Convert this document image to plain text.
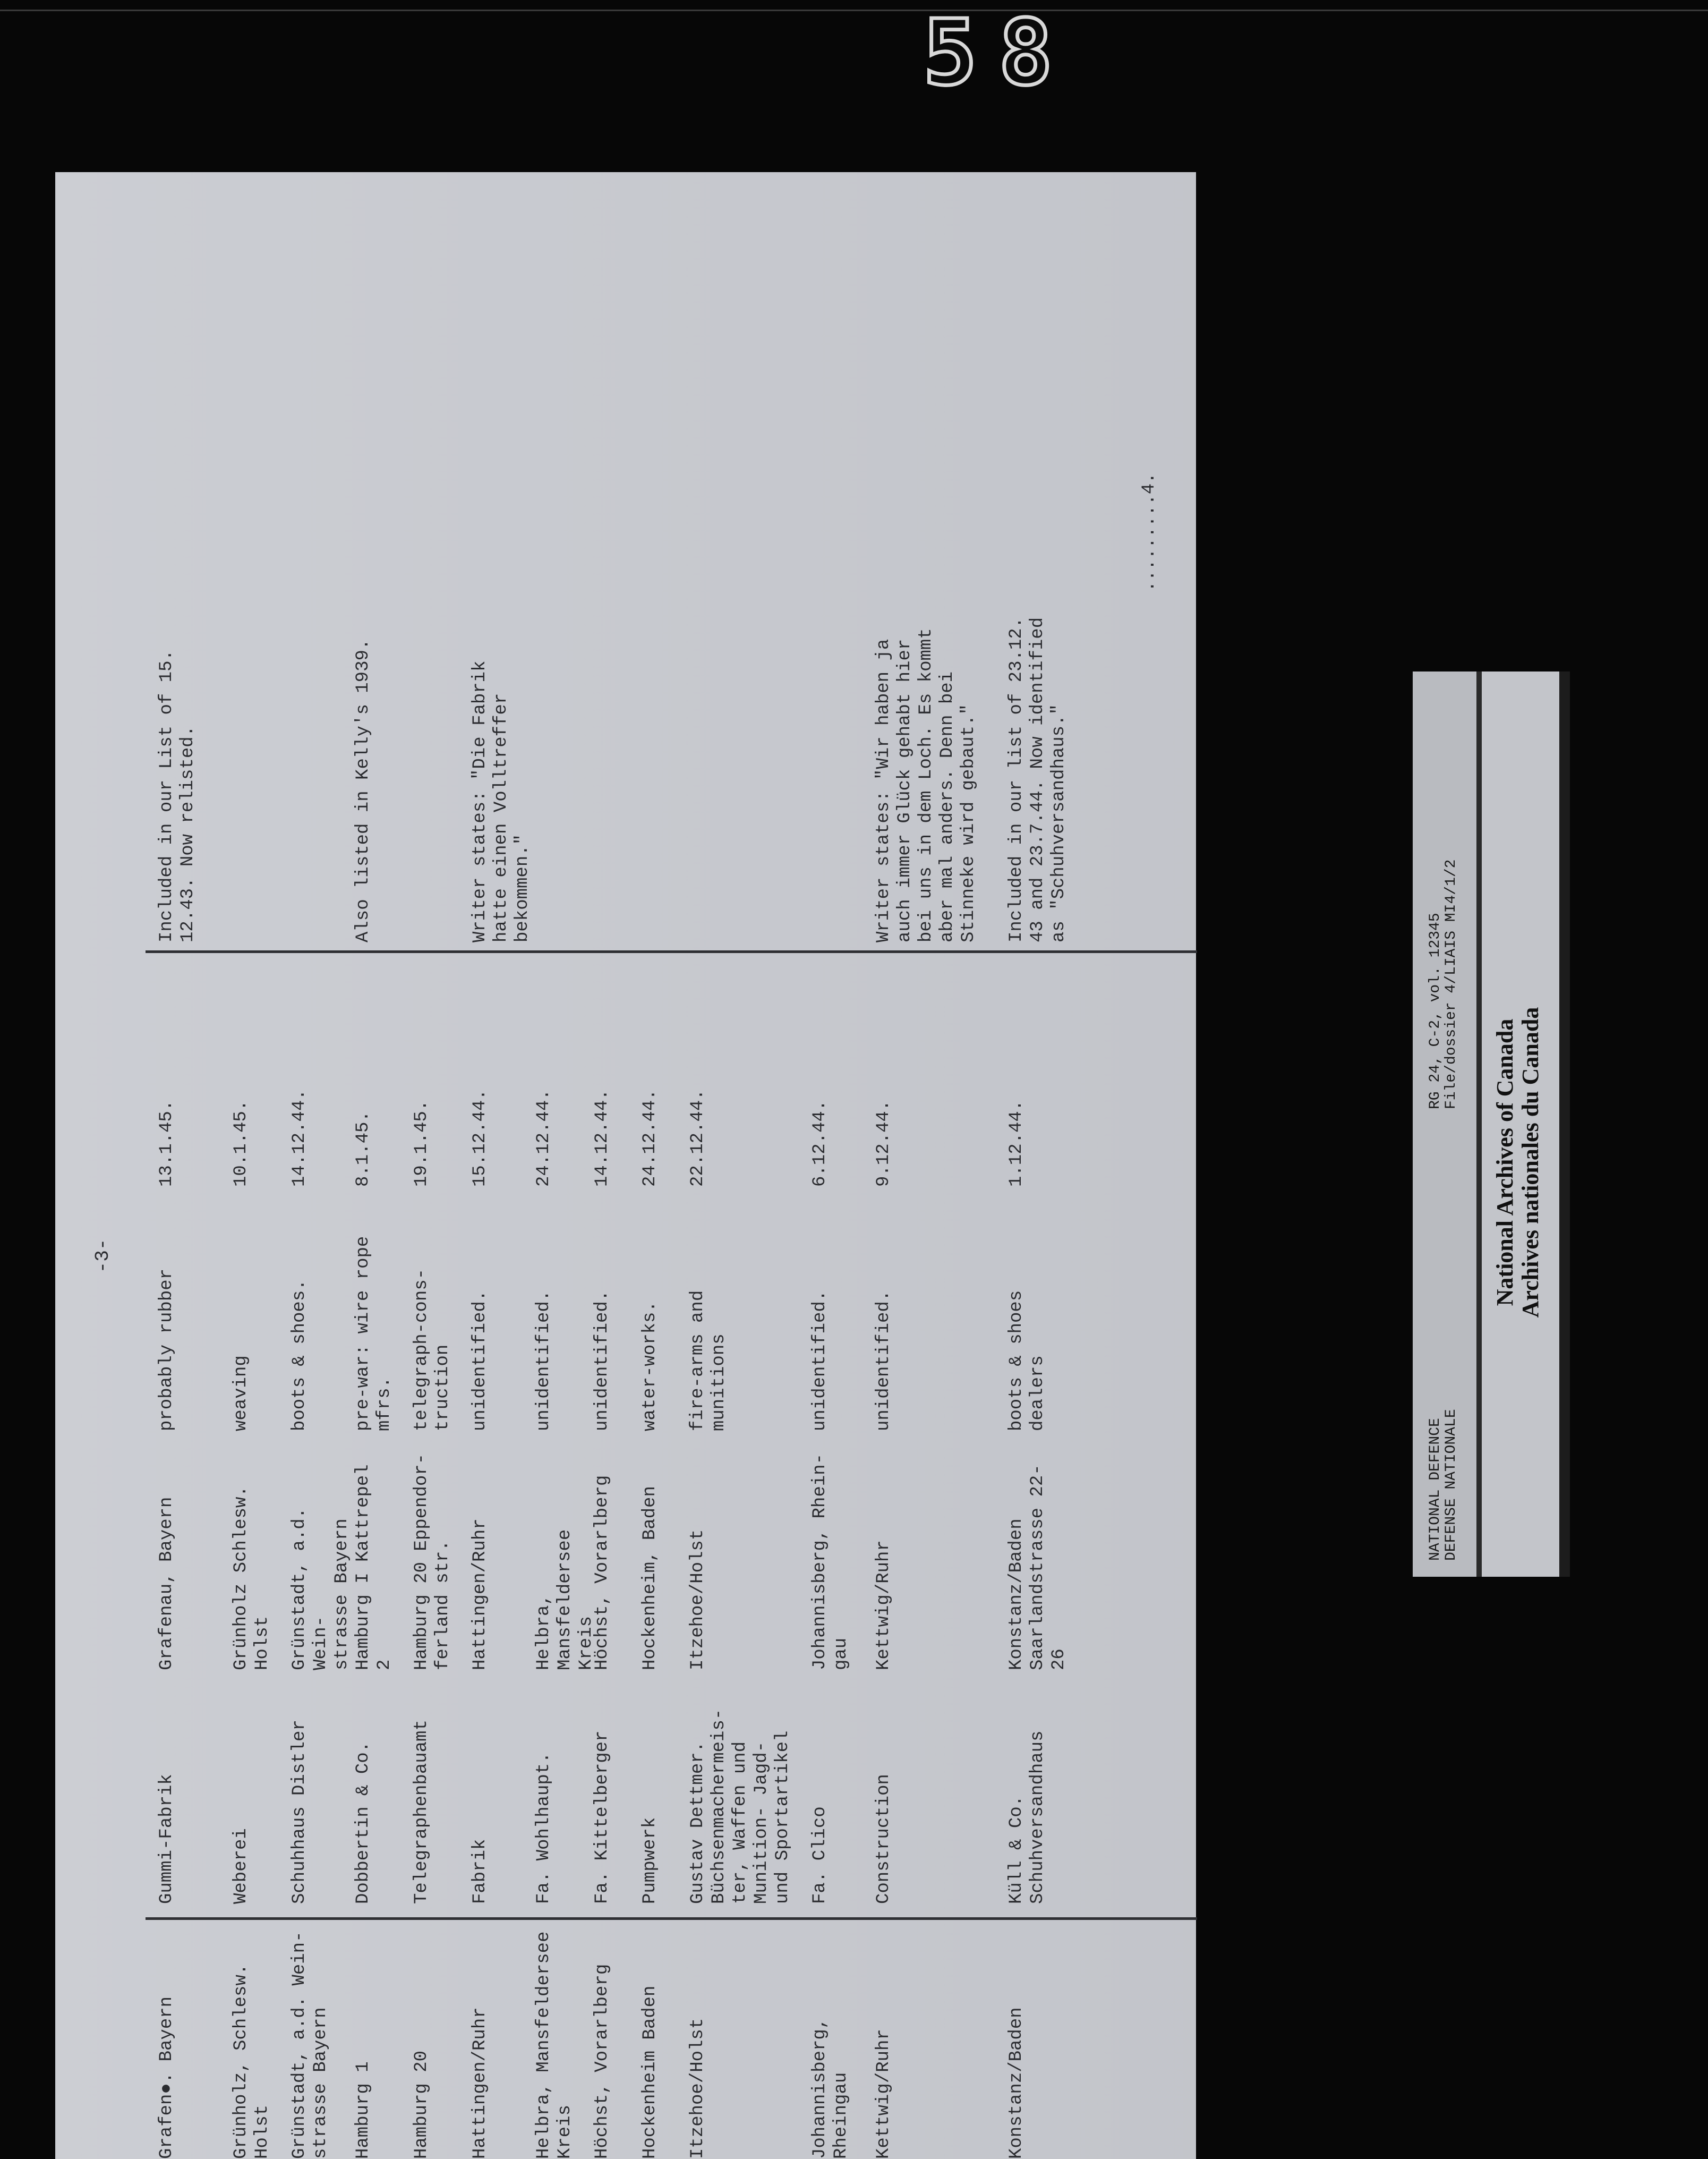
5 8
-3-
Grafen●. Bayern
Gummi-Fabrik
Grafenau, Bayern
probably rubber
13.1.45.
Included in our List of 15.
12.43. Now relisted.
Grünholz, Schlesw.
Holst
Weberei
Grünholz Schlesw.
Holst
weaving
10.1.45.
Grünstadt, a.d. Wein-
strasse Bayern
Schuhhaus Distler
Grünstadt, a.d. Wein-
strasse Bayern
boots & shoes.
14.12.44.
Hamburg 1
Dobbertin & Co.
Hamburg I Kattrepel
2
pre-war: wire rope
mfrs.
8.1.45.
Also listed in Kelly's 1939.
Hamburg 20
Telegraphenbauamt
Hamburg 20 Eppendor-
ferland str.
telegraph-cons-
truction
19.1.45.
Hattingen/Ruhr
Fabrik
Hattingen/Ruhr
unidentified.
15.12.44.
Writer states: "Die Fabrik
hatte einen Volltreffer
bekommen."
Helbra, Mansfeldersee
Kreis
Fa. Wohlhaupt.
Helbra, Mansfeldersee
Kreis
unidentified.
24.12.44.
Höchst, Vorarlberg
Fa. Kittelberger
Höchst, Vorarlberg
unidentified.
14.12.44.
Hockenheim Baden
Pumpwerk
Hockenheim, Baden
water-works.
24.12.44.
Itzehoe/Holst
Gustav Dettmer.
Büchsenmachermeis-
ter, Waffen und
Munition- Jagd-
und Sportartikel
Itzehoe/Holst
fire-arms and
munitions
22.12.44.
Johannisberg, Rheingau
Fa. Clico
Johannisberg, Rhein-
gau
unidentified.
6.12.44.
Kettwig/Ruhr
Construction
Kettwig/Ruhr
unidentified.
9.12.44.
Writer states: "Wir haben ja
auch immer Glück gehabt hier
bei uns in dem Loch. Es kommt
aber mal anders. Denn bei
Stinneke wird gebaut."
Konstanz/Baden
Küll & Co.
Schuhversandhaus
Konstanz/Baden
Saarlandstrasse 22-
26
boots & shoes
dealers
1.12.44.
Included in our list of 23.12.
43 and 23.7.44. Now identified
as "Schuhversandhaus."
.........4.
NATIONAL DEFENCE
DEFENSE NATIONALE
RG 24, C-2, vol. 12345
File/dossier 4/LIAIS MI4/1/2
National Archives of Canada
Archives nationales du Canada
